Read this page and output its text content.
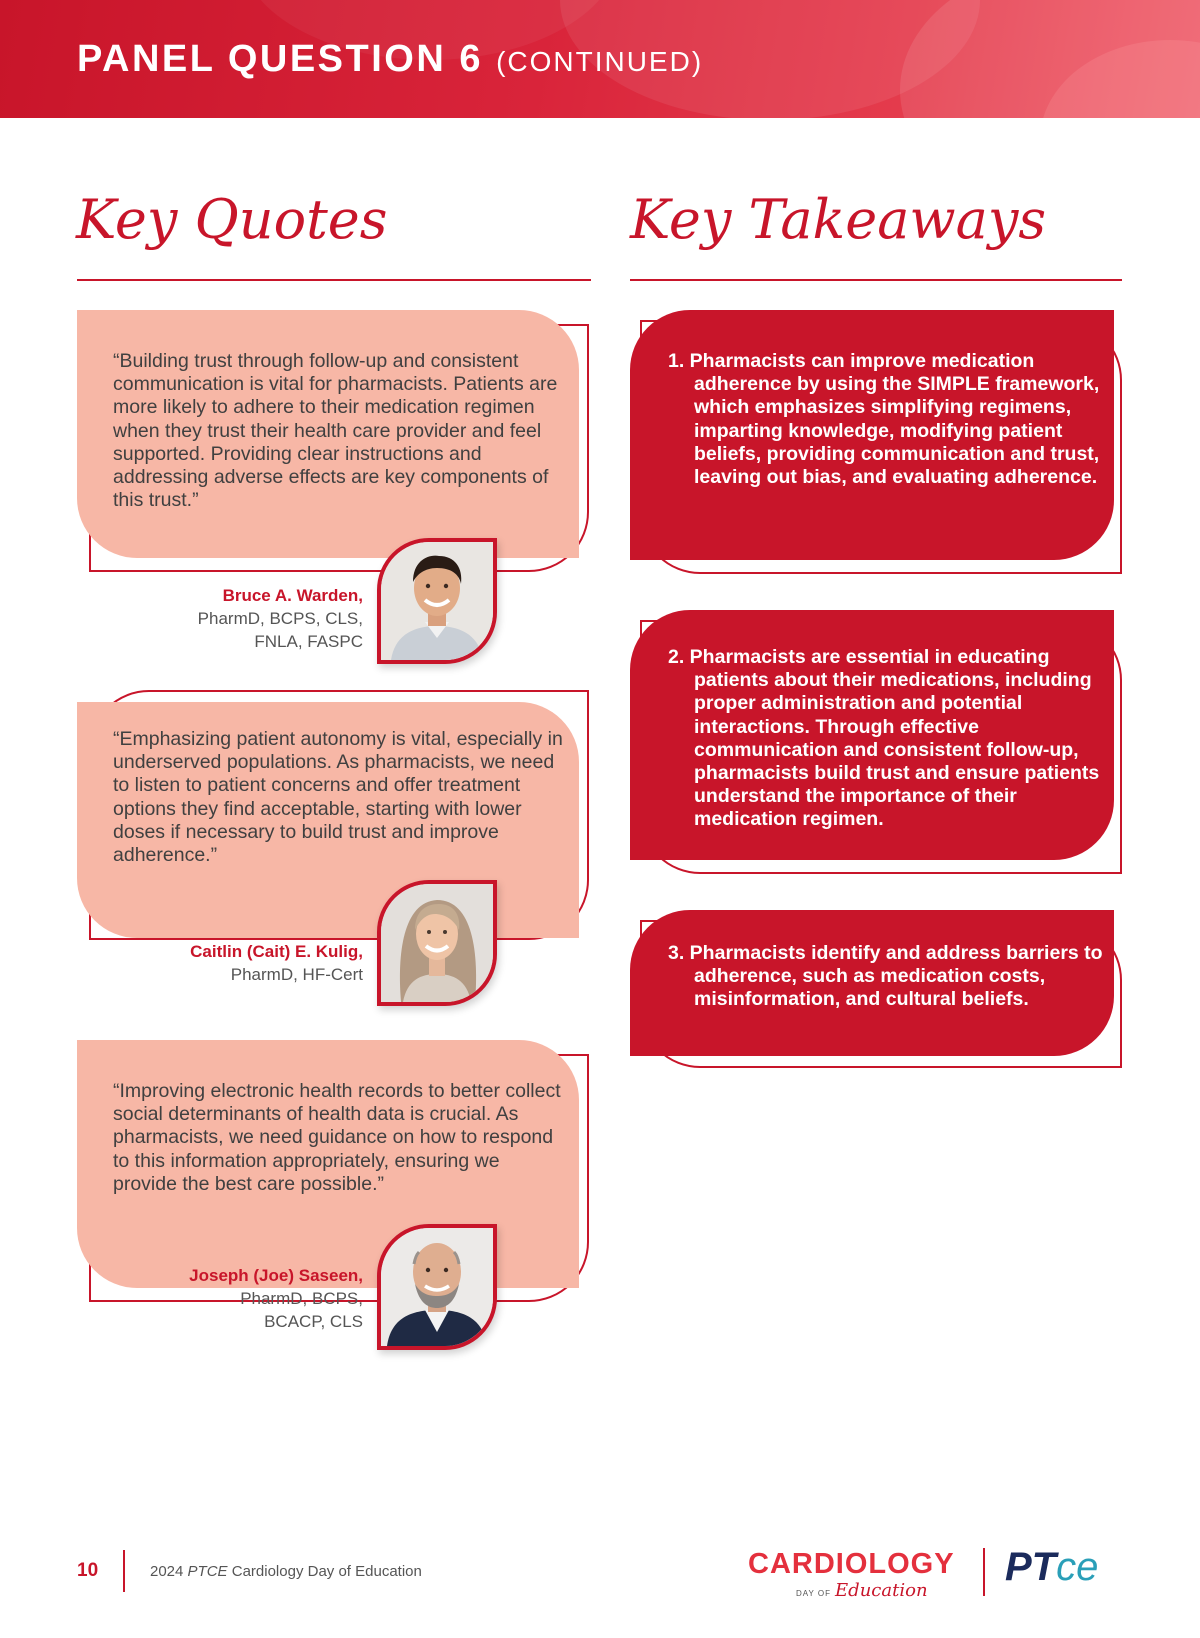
PANEL QUESTION 6 (CONTINUED)
Key Quotes	Key Takeaways
“Building trust through follow-up and consistent communication is vital for pharmacists. Patients are more likely to adhere to their medication regimen when they trust their health care provider and feel supported. Providing clear instructions and addressing adverse effects are key components of this trust.”
Bruce A. Warden,
PharmD, BCPS, CLS,
FNLA, FASPC
“Emphasizing patient autonomy is vital, especially in underserved populations. As pharmacists, we need to listen to patient concerns and offer treatment options they find acceptable, starting with lower doses if necessary to build trust and improve adherence.”
Caitlin (Cait) E. Kulig,
PharmD, HF-Cert
“Improving electronic health records to better collect social determinants of health data is crucial. As pharmacists, we need guidance on how to respond to this information appropriately, ensuring we provide the best care possible.”
Joseph (Joe) Saseen,
PharmD, BCPS,
BCACP, CLS
1. Pharmacists can improve medication adherence by using the SIMPLE framework, which emphasizes simplifying regimens, imparting knowledge, modifying patient beliefs, providing communication and trust, leaving out bias, and evaluating adherence.
2. Pharmacists are essential in educating patients about their medications, including proper administration and potential interactions. Through effective communication and consistent follow-up, pharmacists build trust and ensure patients understand the importance of their medication regimen.
3. Pharmacists identify and address barriers to adherence, such as medication costs, misinformation, and cultural beliefs.
10	2024 PTCE Cardiology Day of Education	CARDIOLOGY
DAY OF Education
PTce
